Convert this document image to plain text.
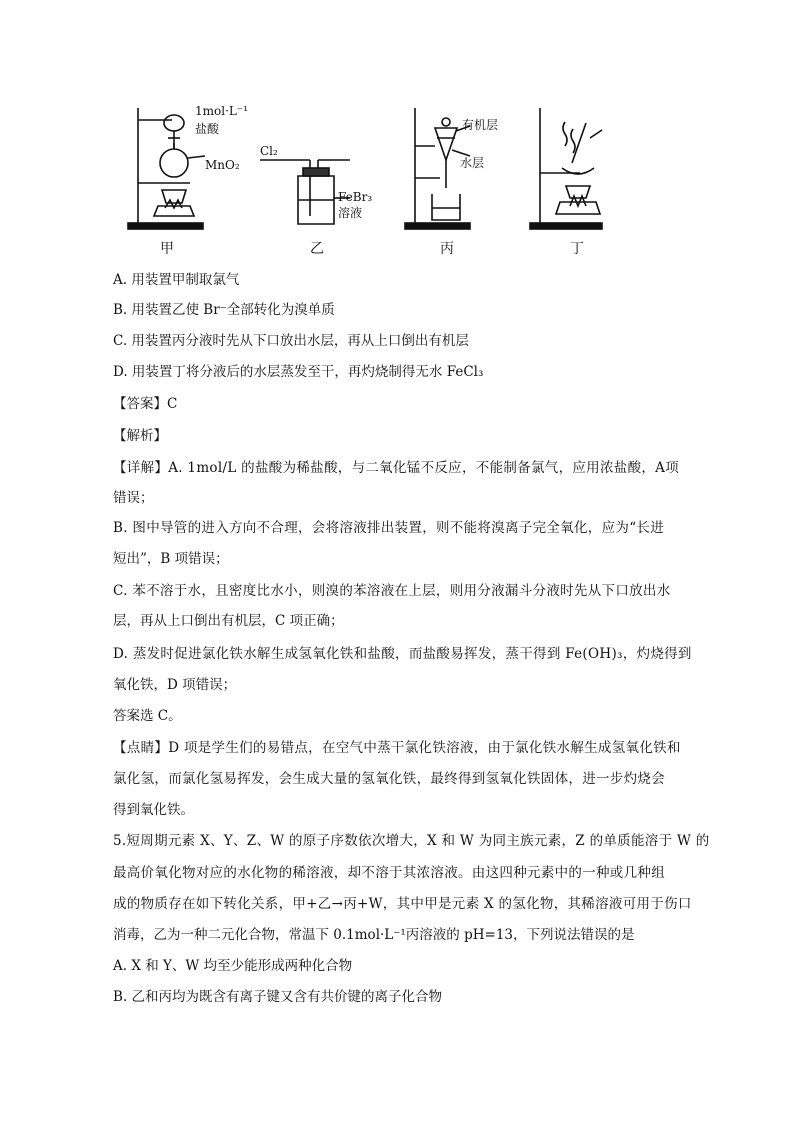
1mol·L⁻¹
盐酸
MnO₂
Cl₂
FeBr₃
溶液
有机层
水层
甲	乙	丙	丁
A. 用装置甲制取氯气
B. 用装置乙使 Br⁻全部转化为溴单质
C. 用装置丙分液时先从下口放出水层，再从上口倒出有机层
D. 用装置丁将分液后的水层蒸发至干，再灼烧制得无水 FeCl₃
【答案】C
【解析】
【详解】A. 1mol/L 的盐酸为稀盐酸，与二氧化锰不反应，不能制备氯气，应用浓盐酸，A项
错误；
B. 图中导管的进入方向不合理，会将溶液排出装置，则不能将溴离子完全氧化，应为“长进
短出”，B 项错误；
C. 苯不溶于水，且密度比水小，则溴的苯溶液在上层，则用分液漏斗分液时先从下口放出水
层，再从上口倒出有机层，C 项正确；
D. 蒸发时促进氯化铁水解生成氢氧化铁和盐酸，而盐酸易挥发，蒸干得到 Fe(OH)₃，灼烧得到
氧化铁，D 项错误；
答案选 C。
【点睛】D 项是学生们的易错点，在空气中蒸干氯化铁溶液，由于氯化铁水解生成氢氧化铁和
氯化氢，而氯化氢易挥发，会生成大量的氢氧化铁，最终得到氢氧化铁固体，进一步灼烧会
得到氧化铁。
5.短周期元素 X、Y、Z、W 的原子序数依次增大，X 和 W 为同主族元素，Z 的单质能溶于 W 的
最高价氧化物对应的水化物的稀溶液，却不溶于其浓溶液。由这四种元素中的一种或几种组
成的物质存在如下转化关系，甲+乙→丙+W，其中甲是元素 X 的氢化物，其稀溶液可用于伤口
消毒，乙为一种二元化合物，常温下 0.1mol·L⁻¹丙溶液的 pH=13，下列说法错误的是
A. X 和 Y、W 均至少能形成两种化合物
B. 乙和丙均为既含有离子键又含有共价键的离子化合物
